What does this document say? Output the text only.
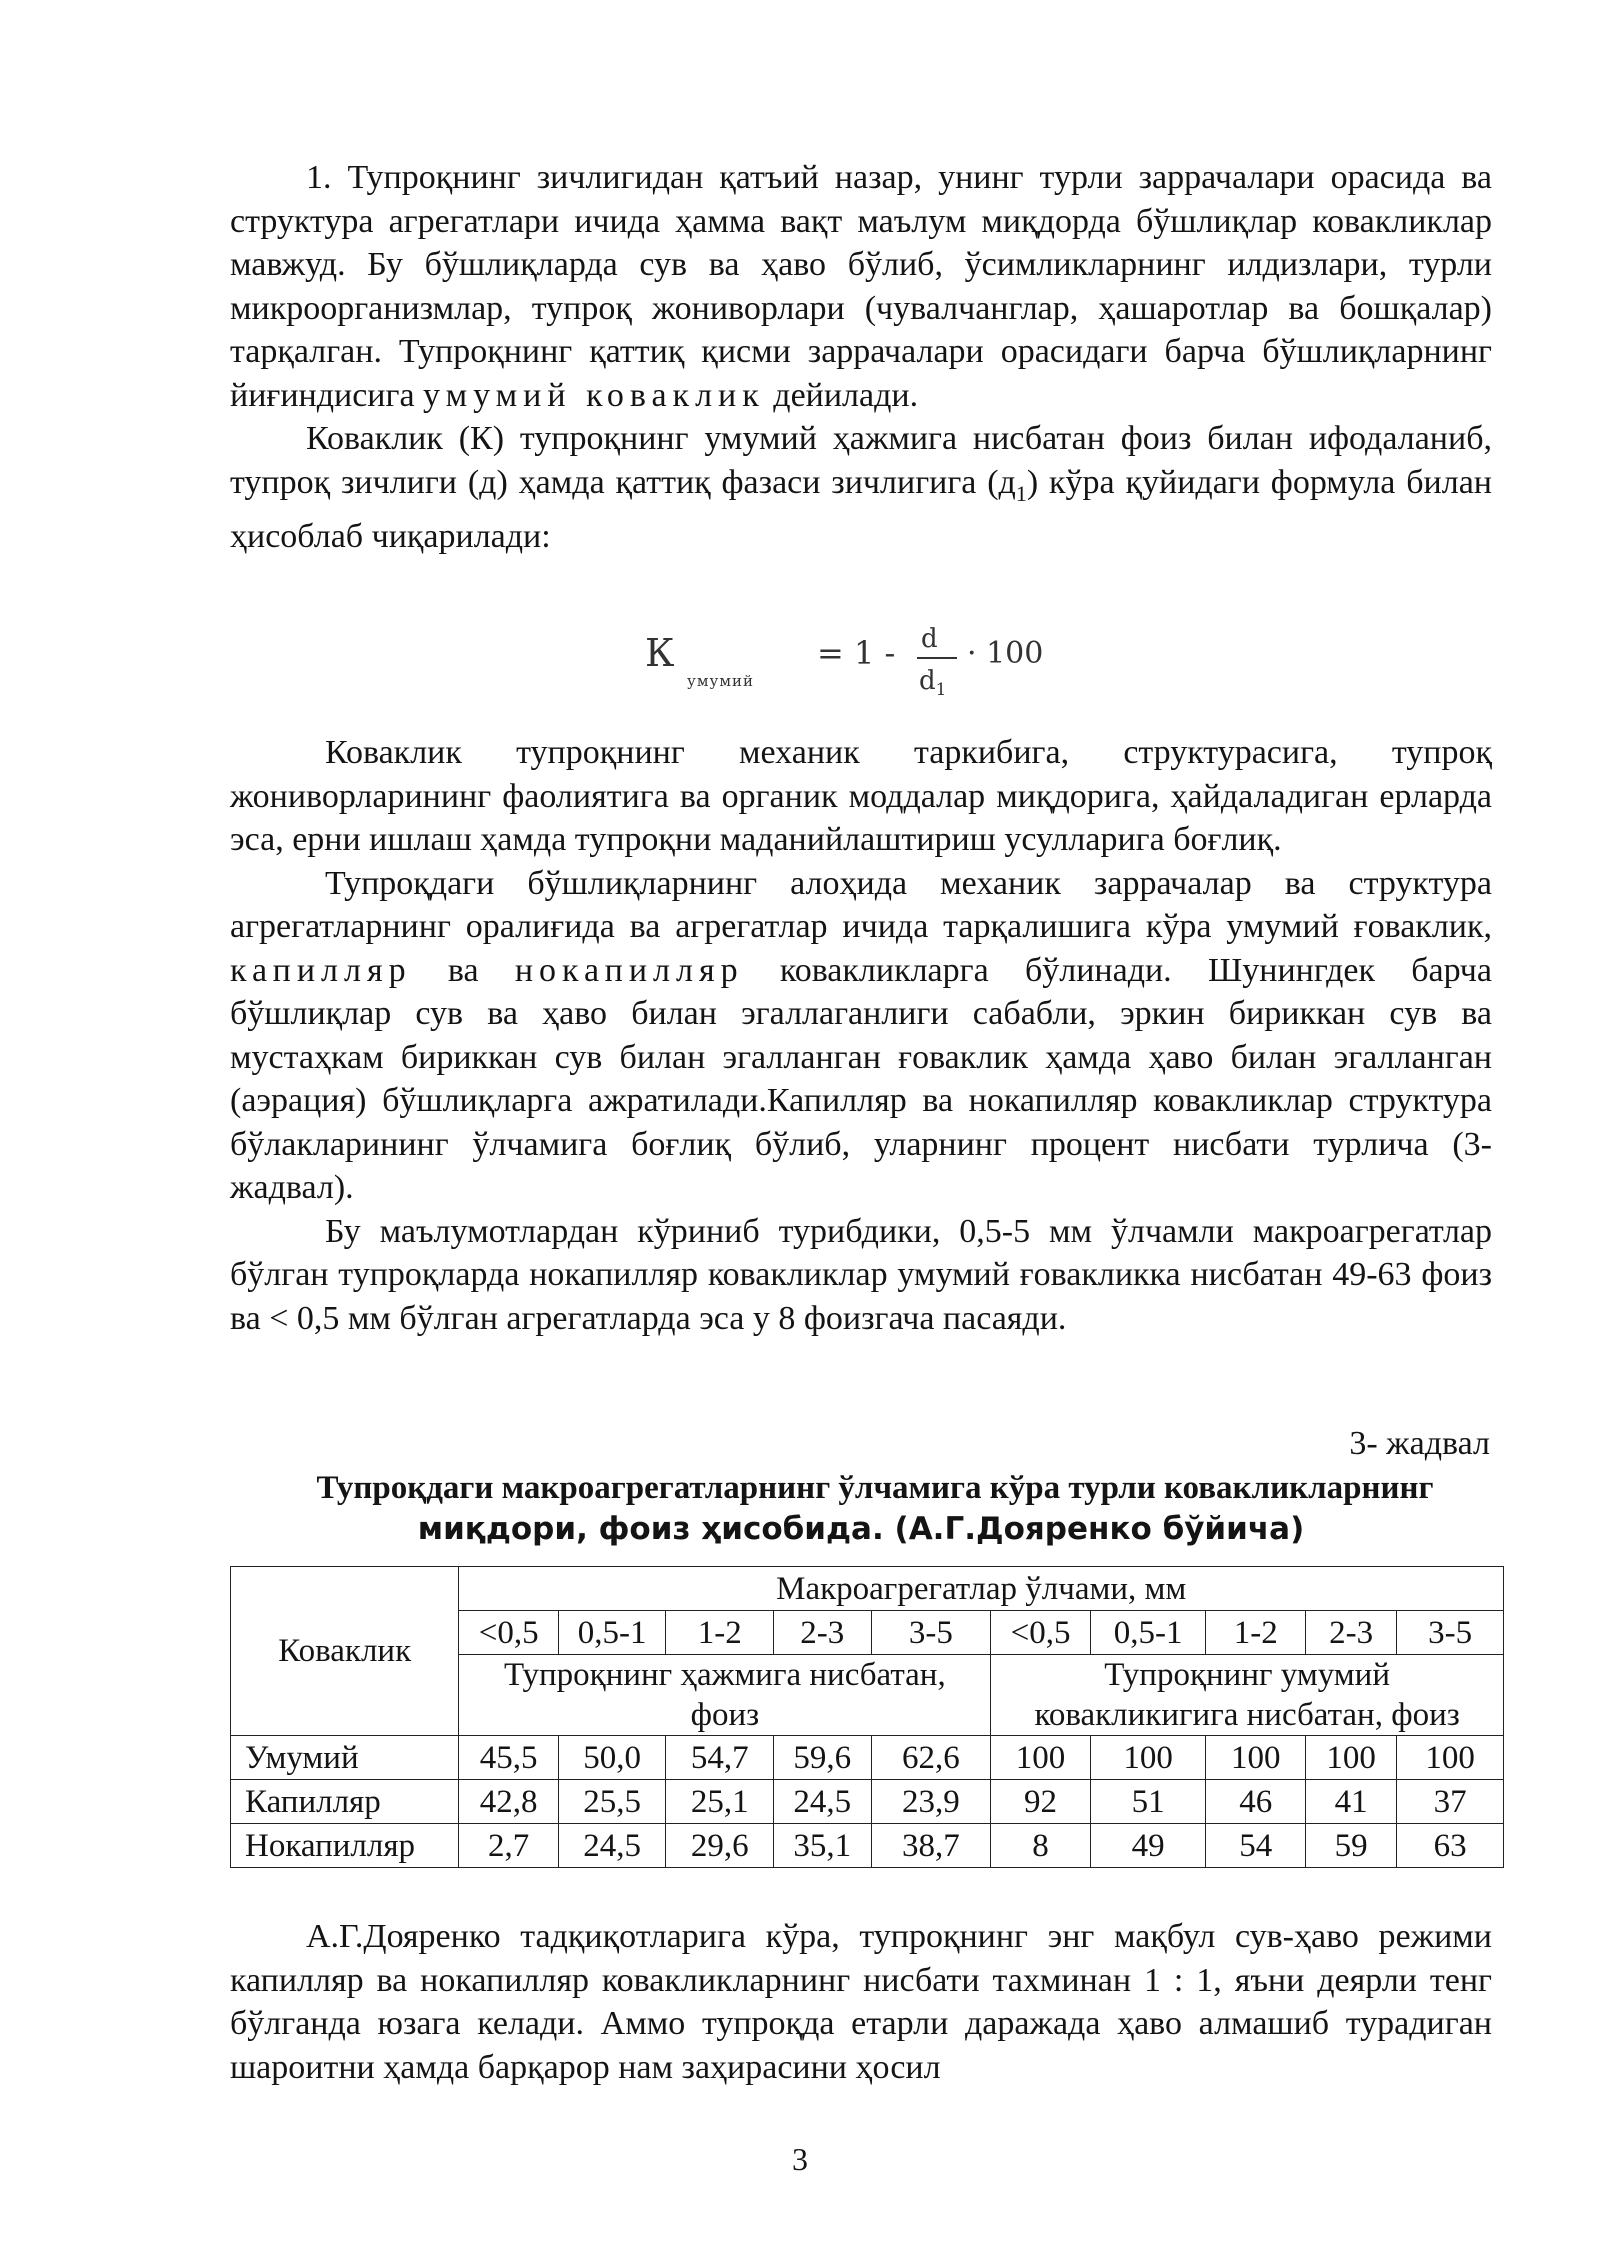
1. Тупроқнинг зичлигидан қатъий назар, унинг турли заррачалари орасида ва структура агрегатлари ичида ҳамма вақт маълум миқдорда бўшлиқлар ковакликлар мавжуд. Бу бўшлиқларда сув ва ҳаво бўлиб, ўсимликларнинг илдизлари, турли микроорганизмлар, тупроқ жониворлари (чувалчанглар, ҳашаротлар ва бошқалар) тарқалган. Тупроқнинг қаттиқ қисми заррачалари орасидаги барча бўшлиқларнинг йиғиндисига умумий коваклик дейилади.

Коваклик (К) тупроқнинг умумий ҳажмига нисбатан фоиз билан ифодаланиб, тупроқ зичлиги (д) ҳамда қаттиқ фазаси зичлигига $(д_1)$ кўра қуйидаги формула билан ҳисоблаб чиқарилади:

К
умумий
= 1 - d
$d_1$
· 100

Коваклик тупроқнинг механик таркибига, структурасига, тупроқ жониворларининг фаолиятига ва органик моддалар миқдорига, ҳайдаладиган ерларда эса, ерни ишлаш ҳамда тупроқни маданийлаштириш усулларига боғлиқ.

Тупроқдаги бўшлиқларнинг алоҳида механик заррачалар ва структура агрегатларнинг оралиғида ва агрегатлар ичида тарқалишига кўра умумий ғоваклик, капилляр ва нокапилляр ковакликларга бўлинади. Шунингдек барча бўшлиқлар сув ва ҳаво билан эгаллаганлиги сабабли, эркин бириккан сув ва мустаҳкам бириккан сув билан эгалланган ғоваклик ҳамда ҳаво билан эгалланган (аэрация) бўшлиқларга ажратилади.Капилляр ва нокапилляр ковакликлар структура бўлакларининг ўлчамига боғлиқ бўлиб, уларнинг процент нисбати турлича (3-жадвал).

Бу маълумотлардан кўриниб турибдики, 0,5-5 мм ўлчамли макроагрегатлар бўлган тупроқларда нокапилляр ковакликлар умумий ғовакликка нисбатан 49-63 фоиз ва < 0,5 мм бўлган агрегатларда эса у 8 фоизгача пасаяди.

3- жадвал
Тупроқдаги макроагрегатларнинг ўлчамига кўра турли ковакликларнинг
миқдори, фоиз ҳисобида. (А.Г.Дояренко бўйича)
Коваклик	Макроагрегатлар ўлчами, мм									
	<0,5	0,5-1	1-2	2-3	3-5	<0,5	0,5-1	1-2	2-3	3-5
	Тупроқнинг ҳажмига нисбатан, фоиз					Тупроқнинг умумий ковакликигига нисбатан, фоиз				
Умумий	45,5	50,0	54,7	59,6	62,6	100	100	100	100	100
Капилляр	42,8	25,5	25,1	24,5	23,9	92	51	46	41	37
Нокапилляр	2,7	24,5	29,6	35,1	38,7	8	49	54	59	63

А.Г.Дояренко тадқиқотларига кўра, тупроқнинг энг мақбул сув-ҳаво режими капилляр ва нокапилляр ковакликларнинг нисбати тахминан 1 : 1, яъни деярли тенг бўлганда юзага келади. Аммо тупроқда етарли даражада ҳаво алмашиб турадиган шароитни ҳамда барқарор нам заҳирасини ҳосил

3
